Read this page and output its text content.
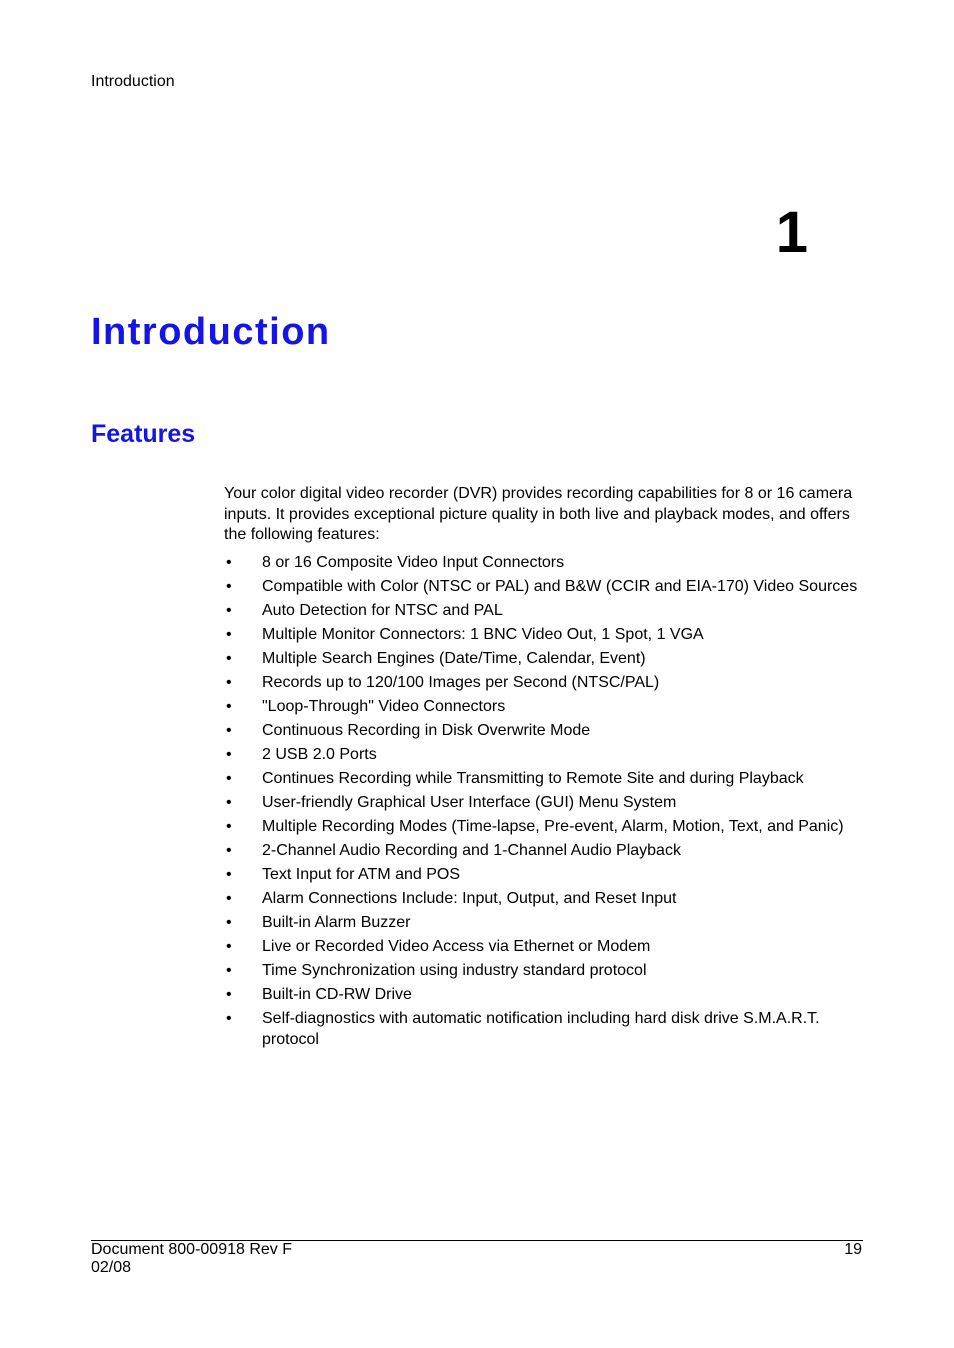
Introduction
1
Introduction
Features

Your color digital video recorder (DVR) provides recording capabilities for 8 or 16 camera inputs. It provides exceptional picture quality in both live and playback modes, and offers the following features:

• 8 or 16 Composite Video Input Connectors
• Compatible with Color (NTSC or PAL) and B&W (CCIR and EIA-170) Video Sources
• Auto Detection for NTSC and PAL
• Multiple Monitor Connectors: 1 BNC Video Out, 1 Spot, 1 VGA
• Multiple Search Engines (Date/Time, Calendar, Event)
• Records up to 120/100 Images per Second (NTSC/PAL)
• "Loop-Through" Video Connectors
• Continuous Recording in Disk Overwrite Mode
• 2 USB 2.0 Ports
• Continues Recording while Transmitting to Remote Site and during Playback
• User-friendly Graphical User Interface (GUI) Menu System
• Multiple Recording Modes (Time-lapse, Pre-event, Alarm, Motion, Text, and Panic)
• 2-Channel Audio Recording and 1-Channel Audio Playback
• Text Input for ATM and POS
• Alarm Connections Include: Input, Output, and Reset Input
• Built-in Alarm Buzzer
• Live or Recorded Video Access via Ethernet or Modem
• Time Synchronization using industry standard protocol
• Built-in CD-RW Drive
• Self-diagnostics with automatic notification including hard disk drive S.M.A.R.T. protocol
Document 800-00918 Rev F
02/08
19
